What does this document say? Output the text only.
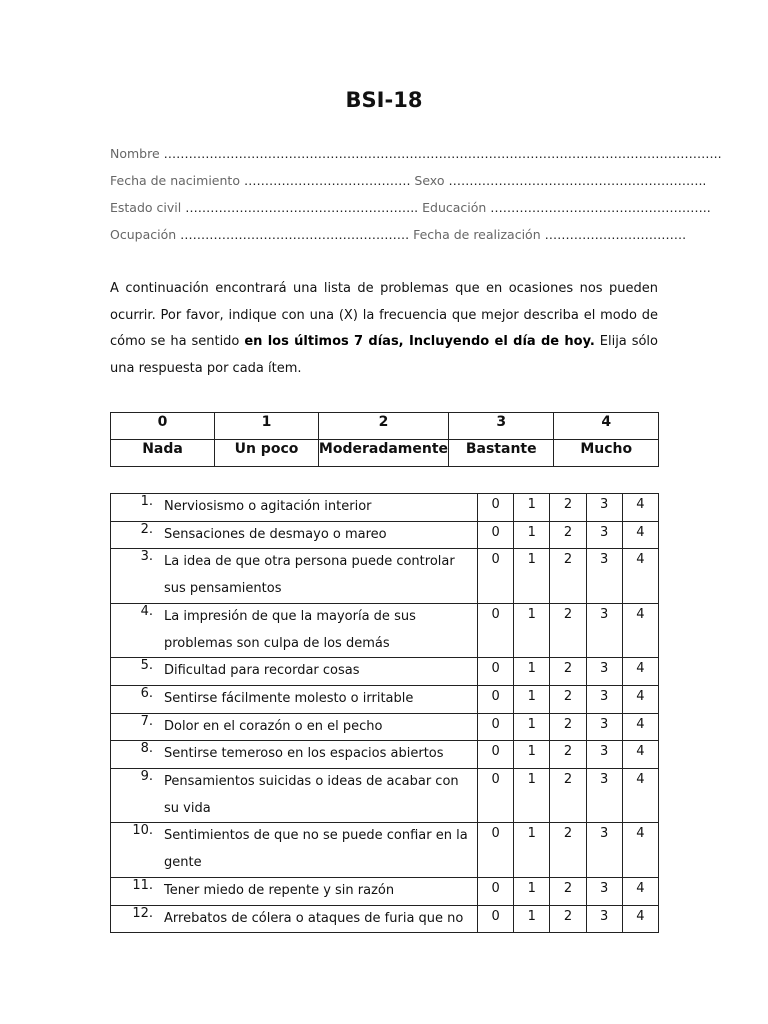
BSI-18
Nombre ……………………………………………………………………………………………………………………..
Fecha de nacimiento …………………………………. Sexo ……………………………………………………..
Estado civil ……………………………………………….. Educación ……………………………………………..
Ocupación ………………………………………………. Fecha de realización …………………………….
A continuación encontrará una lista de problemas que en ocasiones nos pueden ocurrir. Por favor, indique con una (X) la frecuencia que mejor describa el modo de cómo se ha sentido en los últimos 7 días, Incluyendo el día de hoy. Elija sólo una respuesta por cada ítem.
0	1	2	3	4

Nada	Un poco	Moderadamente	Bastante	Mucho
1. Nerviosismo o agitación interior	0	1	2	3	4
2. Sensaciones de desmayo o mareo	0	1	2	3	4
3. La idea de que otra persona puede controlar sus pensamientos	0	1	2	3	4
4. La impresión de que la mayoría de sus problemas son culpa de los demás	0	1	2	3	4
5. Dificultad para recordar cosas	0	1	2	3	4
6. Sentirse fácilmente molesto o irritable	0	1	2	3	4
7. Dolor en el corazón o en el pecho	0	1	2	3	4
8. Sentirse temeroso en los espacios abiertos	0	1	2	3	4
9. Pensamientos suicidas o ideas de acabar con su vida	0	1	2	3	4
10. Sentimientos de que no se puede confiar en la gente	0	1	2	3	4
11. Tener miedo de repente y sin razón	0	1	2	3	4
12. Arrebatos de cólera o ataques de furia que no	0	1	2	3	4
